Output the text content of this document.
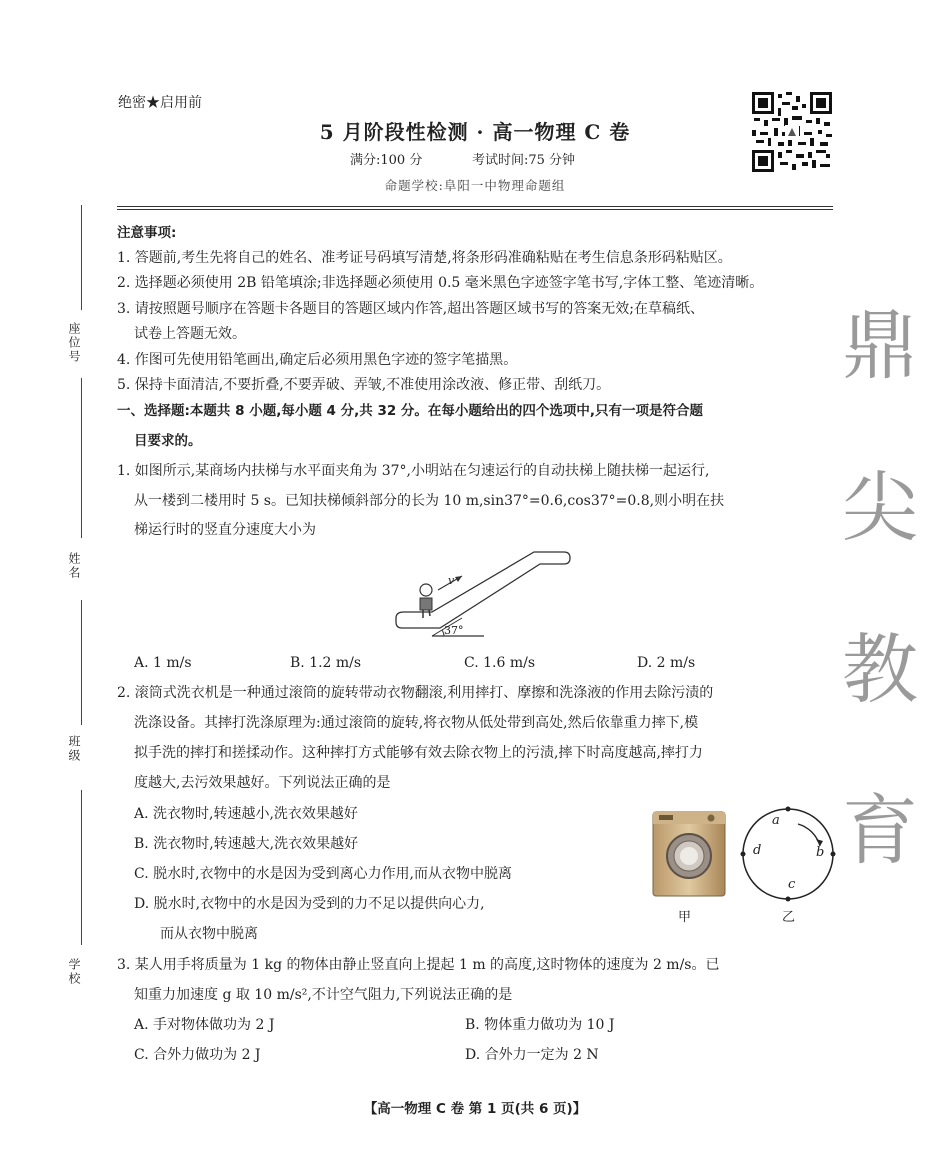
绝密★启用前
5 月阶段性检测 · 高一物理 C 卷
满分:100 分	考试时间:75 分钟
命题学校:阜阳一中物理命题组
座位号
姓名
班级
学校
鼎
尖
教
育
注意事项:
1. 答题前,考生先将自己的姓名、准考证号码填写清楚,将条形码准确粘贴在考生信息条形码粘贴区。
2. 选择题必须使用 2B 铅笔填涂;非选择题必须使用 0.5 毫米黑色字迹签字笔书写,字体工整、笔迹清晰。
3. 请按照题号顺序在答题卡各题目的答题区域内作答,超出答题区域书写的答案无效;在草稿纸、
试卷上答题无效。
4. 作图可先使用铅笔画出,确定后必须用黑色字迹的签字笔描黑。
5. 保持卡面清洁,不要折叠,不要弄破、弄皱,不准使用涂改液、修正带、刮纸刀。
一、选择题:本题共 8 小题,每小题 4 分,共 32 分。在每小题给出的四个选项中,只有一项是符合题
目要求的。
1. 如图所示,某商场内扶梯与水平面夹角为 37°,小明站在匀速运行的自动扶梯上随扶梯一起运行,
从一楼到二楼用时 5 s。已知扶梯倾斜部分的长为 10 m,sin37°=0.6,cos37°=0.8,则小明在扶
梯运行时的竖直分速度大小为
37°
v
A. 1 m/s	B. 1.2 m/s	C. 1.6 m/s	D. 2 m/s
2. 滚筒式洗衣机是一种通过滚筒的旋转带动衣物翻滚,利用摔打、摩擦和洗涤液的作用去除污渍的
洗涤设备。其摔打洗涤原理为:通过滚筒的旋转,将衣物从低处带到高处,然后依靠重力摔下,模
拟手洗的摔打和搓揉动作。这种摔打方式能够有效去除衣物上的污渍,摔下时高度越高,摔打力
度越大,去污效果越好。下列说法正确的是
A. 洗衣物时,转速越小,洗衣效果越好
B. 洗衣物时,转速越大,洗衣效果越好
C. 脱水时,衣物中的水是因为受到离心力作用,而从衣物中脱离
D. 脱水时,衣物中的水是因为受到的力不足以提供向心力,
而从衣物中脱离
甲
a
b
c
d
乙
3. 某人用手将质量为 1 kg 的物体由静止竖直向上提起 1 m 的高度,这时物体的速度为 2 m/s。已
知重力加速度 g 取 10 m/s²,不计空气阻力,下列说法正确的是
A. 手对物体做功为 2 J	B. 物体重力做功为 10 J
C. 合外力做功为 2 J	D. 合外力一定为 2 N
【高一物理 C 卷 第 1 页(共 6 页)】
